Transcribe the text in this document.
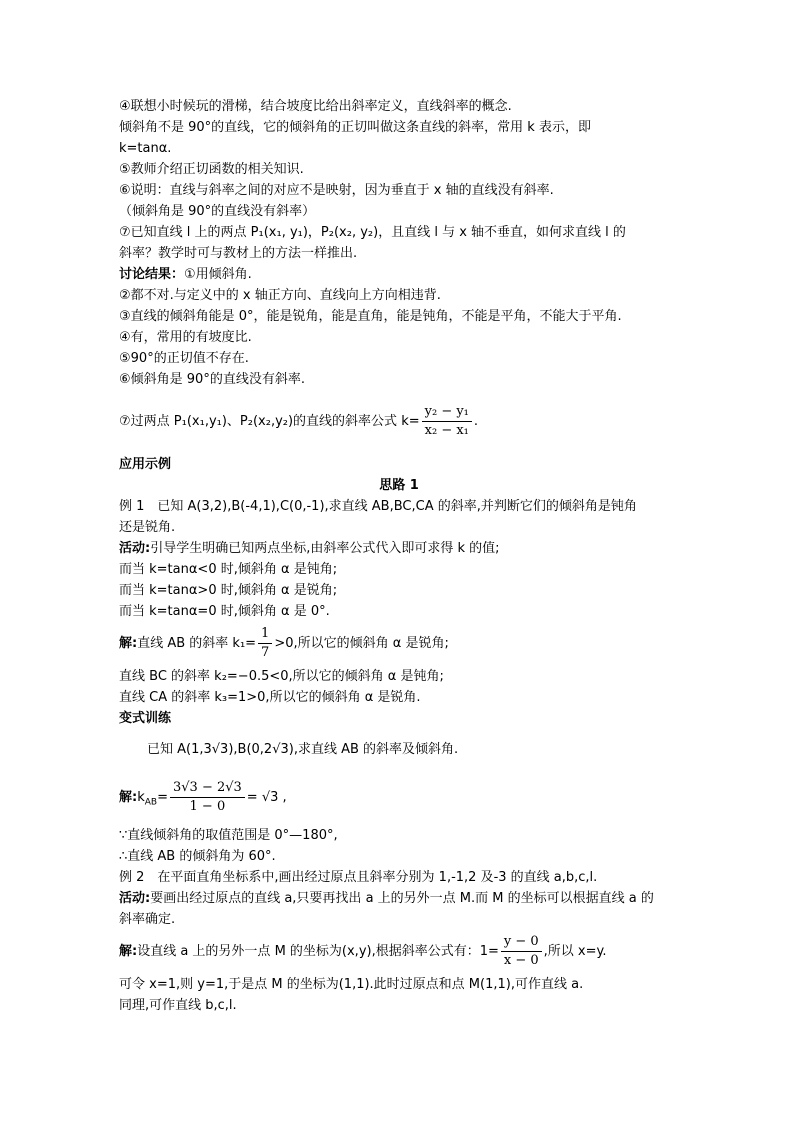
④联想小时候玩的滑梯，结合坡度比给出斜率定义，直线斜率的概念.
倾斜角不是 90°的直线，它的倾斜角的正切叫做这条直线的斜率，常用 k 表示，即
k=tanα.
⑤教师介绍正切函数的相关知识.
⑥说明：直线与斜率之间的对应不是映射，因为垂直于 x 轴的直线没有斜率.
（倾斜角是 90°的直线没有斜率）
⑦已知直线 l 上的两点 P₁(x₁, y₁)，P₂(x₂, y₂)，且直线 l 与 x 轴不垂直，如何求直线 l 的
斜率？教学时可与教材上的方法一样推出.
讨论结果：①用倾斜角.
②都不对.与定义中的 x 轴正方向、直线向上方向相违背.
③直线的倾斜角能是 0°，能是锐角，能是直角，能是钝角，不能是平角，不能大于平角.
④有，常用的有坡度比.
⑤90°的正切值不存在.
⑥倾斜角是 90°的直线没有斜率.
⑦过两点 P₁(x₁,y₁)、P₂(x₂,y₂)的直线的斜率公式 $k= \frac{\text{y₂ − y₁}}{\text{x₂ − x₁}}$ .
应用示例
思路 1
例 1　已知 A(3,2),B(-4,1),C(0,-1),求直线 AB,BC,CA 的斜率,并判断它们的倾斜角是钝角
还是锐角.
活动:引导学生明确已知两点坐标,由斜率公式代入即可求得 k 的值;
而当 k=tanα<0 时,倾斜角 α 是钝角;
而当 k=tanα>0 时,倾斜角 α 是锐角;
而当 k=tanα=0 时,倾斜角 α 是 0°.
解:直线 AB 的斜率 $k_1= \frac{1}{7} >0$,所以它的倾斜角 α 是锐角;
直线 BC 的斜率 k₂=−0.5<0,所以它的倾斜角 α 是钝角;
直线 CA 的斜率 k₃=1>0,所以它的倾斜角 α 是锐角.
变式训练
已知 A(1,3√3),B(0,2√3),求直线 AB 的斜率及倾斜角.
解$:k_{AB}= \frac{3√3 - 2√3}{1 - 0} = √3$ ,
∵直线倾斜角的取值范围是 0°—180°,
∴直线 AB 的倾斜角为 60°.
例 2　在平面直角坐标系中,画出经过原点且斜率分别为 1,-1,2 及-3 的直线 a,b,c,l.
活动:要画出经过原点的直线 a,只要再找出 a 上的另外一点 M.而 M 的坐标可以根据直线 a 的
斜率确定.
解:设直线 a 上的另外一点 M 的坐标为(x,y),根据斜率公式有：$1= \frac{y - 0}{x - 0}$ ,所以 x=y.
可令 x=1,则 y=1,于是点 M 的坐标为(1,1).此时过原点和点 M(1,1),可作直线 a.
同理,可作直线 b,c,l.
